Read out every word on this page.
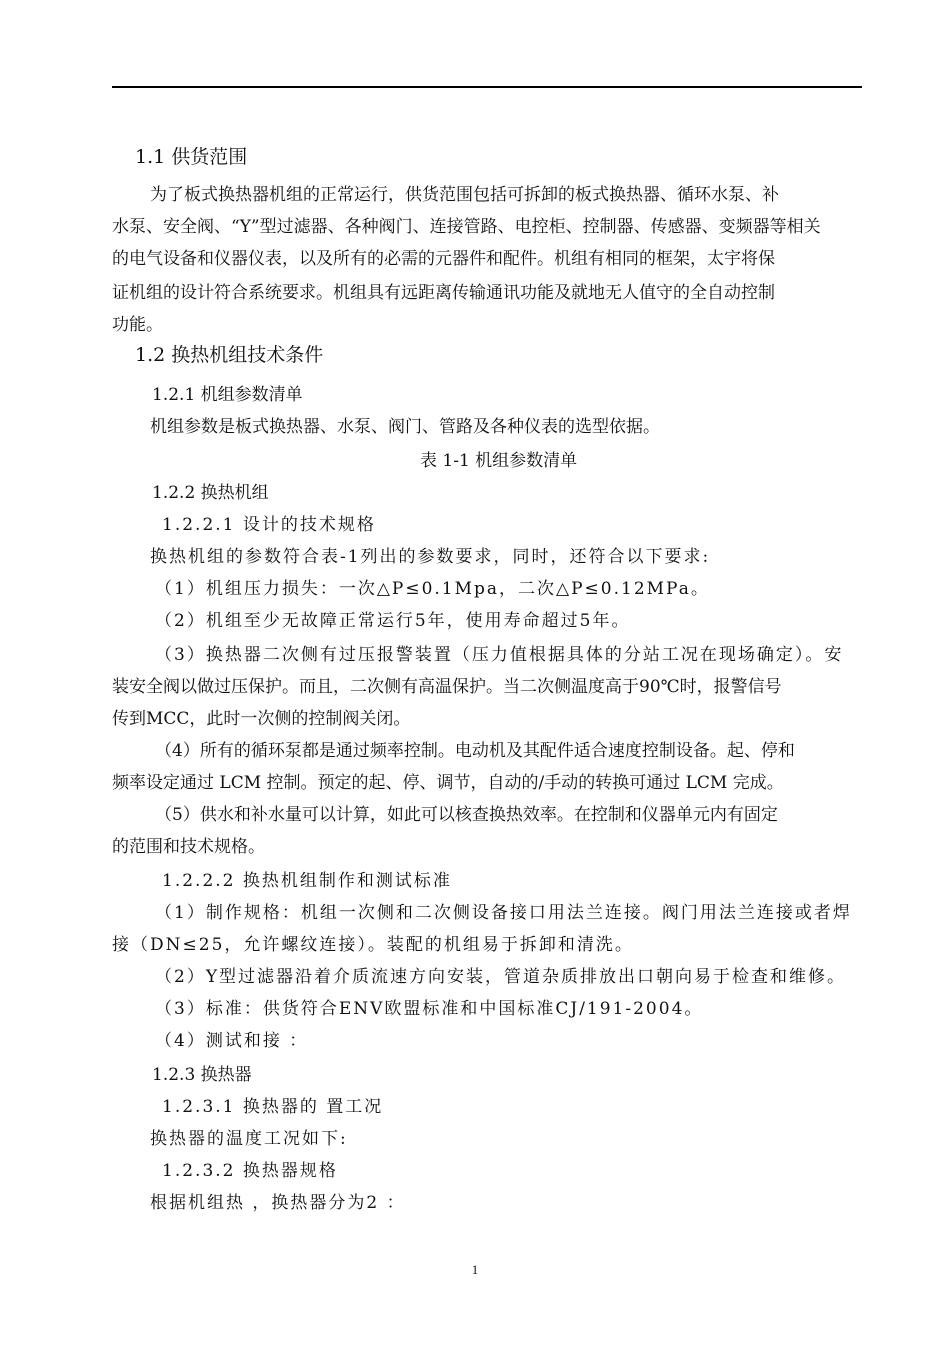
1.1 供货范围
为了板式换热器机组的正常运行，供货范围包括可拆卸的板式换热器、循环水泵、补
水泵、安全阀、“Y”型过滤器、各种阀门、连接管路、电控柜、控制器、传感器、变频器等相关
的电气设备和仪器仪表，以及所有的必需的元器件和配件。机组有相同的框架，太宇将保
证机组的设计符合系统要求。机组具有远距离传输通讯功能及就地无人值守的全自动控制
功能。
1.2 换热机组技术条件
1.2.1 机组参数清单
机组参数是板式换热器、水泵、阀门、管路及各种仪表的选型依据。
表 1-1 机组参数清单
1.2.2 换热机组
1.2.2.1 设计的技术规格
换热机组的参数符合表-1列出的参数要求，同时，还符合以下要求:
（1）机组压力损失：一次△P≤0.1Mpa，二次△P≤0.12MPa。
（2）机组至少无故障正常运行5年，使用寿命超过5年。
（3）换热器二次侧有过压报警装置（压力值根据具体的分站工况在现场确定）。安
装安全阀以做过压保护。而且，二次侧有高温保护。当二次侧温度高于90℃时，报警信号
传到MCC，此时一次侧的控制阀关闭。
（4）所有的循环泵都是通过频率控制。电动机及其配件适合速度控制设备。起、停和
频率设定通过 LCM 控制。预定的起、停、调节，自动的/手动的转换可通过 LCM 完成。
（5）供水和补水量可以计算，如此可以核查换热效率。在控制和仪器单元内有固定
的范围和技术规格。
1.2.2.2 换热机组制作和测试标准
（1）制作规格：机组一次侧和二次侧设备接口用法兰连接。阀门用法兰连接或者焊
接（DN≤25，允许螺纹连接）。装配的机组易于拆卸和清洗。
（2）Y型过滤器沿着介质流速方向安装，管道杂质排放出口朝向易于检查和维修。
（3）标准：供货符合ENV欧盟标准和中国标准CJ/191-2004。
（4）测试和接 ：
1.2.3 换热器
1.2.3.1 换热器的 置工况
换热器的温度工况如下:
1.2.3.2 换热器规格
根据机组热 ，换热器分为2 ：
1
